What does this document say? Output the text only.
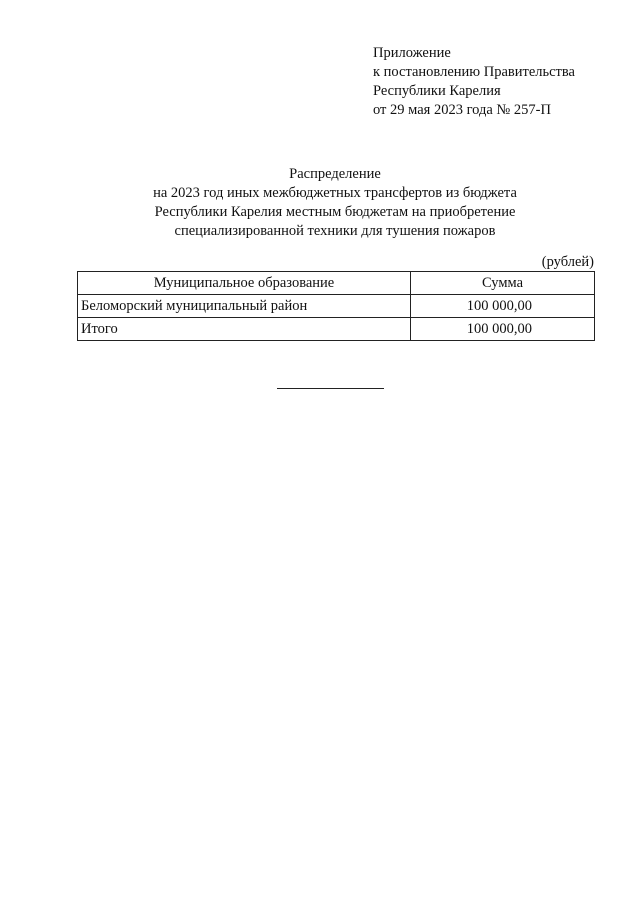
Приложение
к постановлению Правительства
Республики Карелия
от 29 мая 2023 года № 257-П
Распределение
на 2023 год иных межбюджетных трансфертов из бюджета
Республики Карелия местным бюджетам на приобретение
специализированной техники для тушения пожаров
(рублей)
Муниципальное образование	Сумма
Беломорский муниципальный район	100 000,00
Итого	100 000,00
